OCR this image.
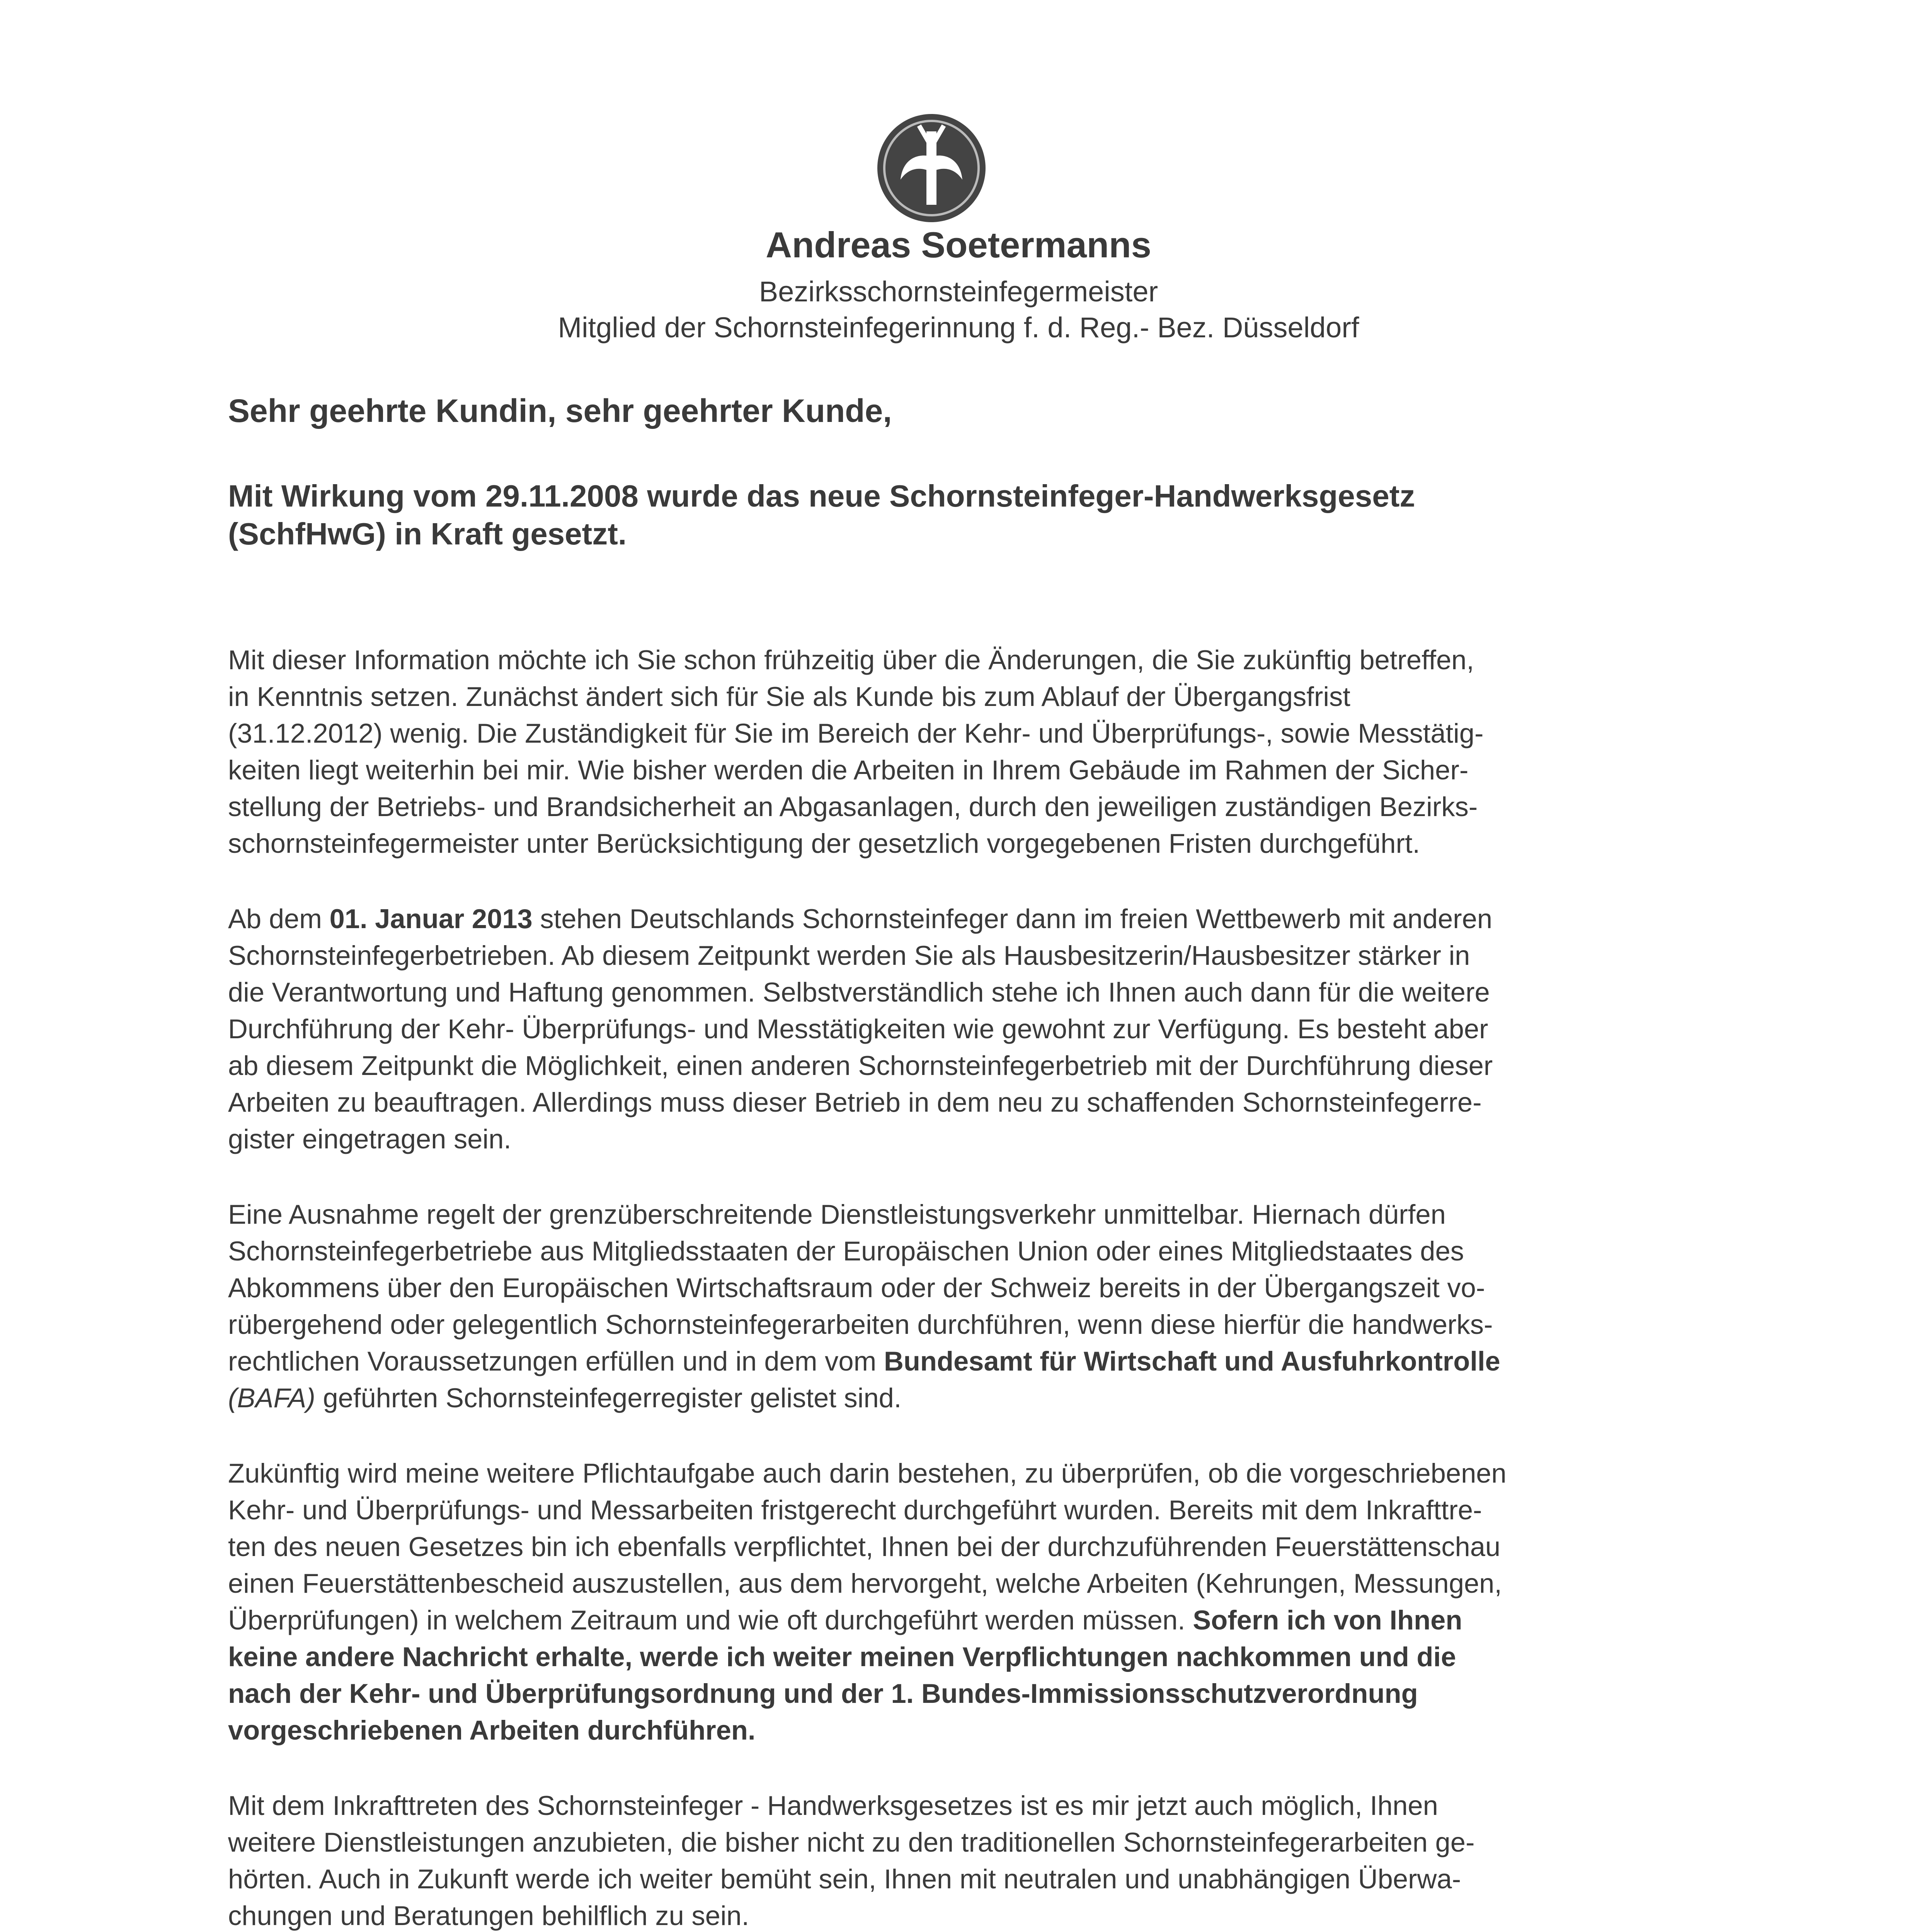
Andreas Soetermanns
Bezirksschornsteinfegermeister
Mitglied der Schornsteinfegerinnung f. d. Reg.- Bez. Düsseldorf
Sehr geehrte Kundin, sehr geehrter Kunde,
Mit Wirkung vom 29.11.2008 wurde das neue Schornsteinfeger-Handwerksgesetz
(SchfHwG) in Kraft gesetzt.

Mit dieser Information möchte ich Sie schon frühzeitig über die Änderungen, die Sie zukünftig betreffen,

in Kenntnis setzen. Zunächst ändert sich für Sie als Kunde bis zum Ablauf der Übergangsfrist

(31.12.2012) wenig. Die Zuständigkeit für Sie im Bereich der Kehr- und Überprüfungs-, sowie Messtätig-

keiten liegt weiterhin bei mir. Wie bisher werden die Arbeiten in Ihrem Gebäude im Rahmen der Sicher-

stellung der Betriebs- und Brandsicherheit an Abgasanlagen, durch den jeweiligen zuständigen Bezirks-

schornsteinfegermeister unter Berücksichtigung der gesetzlich vorgegebenen Fristen durchgeführt.

Ab dem 01. Januar 2013 stehen Deutschlands Schornsteinfeger dann im freien Wettbewerb mit anderen

Schornsteinfegerbetrieben. Ab diesem Zeitpunkt werden Sie als Hausbesitzerin/Hausbesitzer stärker in

die Verantwortung und Haftung genommen. Selbstverständlich stehe ich Ihnen auch dann für die weitere

Durchführung der Kehr- Überprüfungs- und Messtätigkeiten wie gewohnt zur Verfügung. Es besteht aber

ab diesem Zeitpunkt die Möglichkeit, einen anderen Schornsteinfegerbetrieb mit der Durchführung dieser

Arbeiten zu beauftragen. Allerdings muss dieser Betrieb in dem neu zu schaffenden Schornsteinfegerre-

gister eingetragen sein.

Eine Ausnahme regelt der grenzüberschreitende Dienstleistungsverkehr unmittelbar. Hiernach dürfen

Schornsteinfegerbetriebe aus Mitgliedsstaaten der Europäischen Union oder eines Mitgliedstaates des

Abkommens über den Europäischen Wirtschaftsraum oder der Schweiz bereits in der Übergangszeit vo-

rübergehend oder gelegentlich Schornsteinfegerarbeiten durchführen, wenn diese hierfür die handwerks-

rechtlichen Voraussetzungen erfüllen und in dem vom Bundesamt für Wirtschaft und Ausfuhrkontrolle

(BAFA) geführten Schornsteinfegerregister gelistet sind.

Zukünftig wird meine weitere Pflichtaufgabe auch darin bestehen, zu überprüfen, ob die vorgeschriebenen

Kehr- und Überprüfungs- und Messarbeiten fristgerecht durchgeführt wurden. Bereits mit dem Inkrafttre-

ten des neuen Gesetzes bin ich ebenfalls verpflichtet, Ihnen bei der durchzuführenden Feuerstättenschau

einen Feuerstättenbescheid auszustellen, aus dem hervorgeht, welche Arbeiten (Kehrungen, Messungen,

Überprüfungen) in welchem Zeitraum und wie oft durchgeführt werden müssen. Sofern ich von Ihnen

keine andere Nachricht erhalte, werde ich weiter meinen Verpflichtungen nachkommen und die

nach der Kehr- und Überprüfungsordnung und der 1. Bundes-Immissionsschutzverordnung

vorgeschriebenen Arbeiten durchführen.

Mit dem Inkrafttreten des Schornsteinfeger - Handwerksgesetzes ist es mir jetzt auch möglich, Ihnen

weitere Dienstleistungen anzubieten, die bisher nicht zu den traditionellen Schornsteinfegerarbeiten ge-

hörten. Auch in Zukunft werde ich weiter bemüht sein, Ihnen mit neutralen und unabhängigen Überwa-

chungen und Beratungen behilflich zu sein.
